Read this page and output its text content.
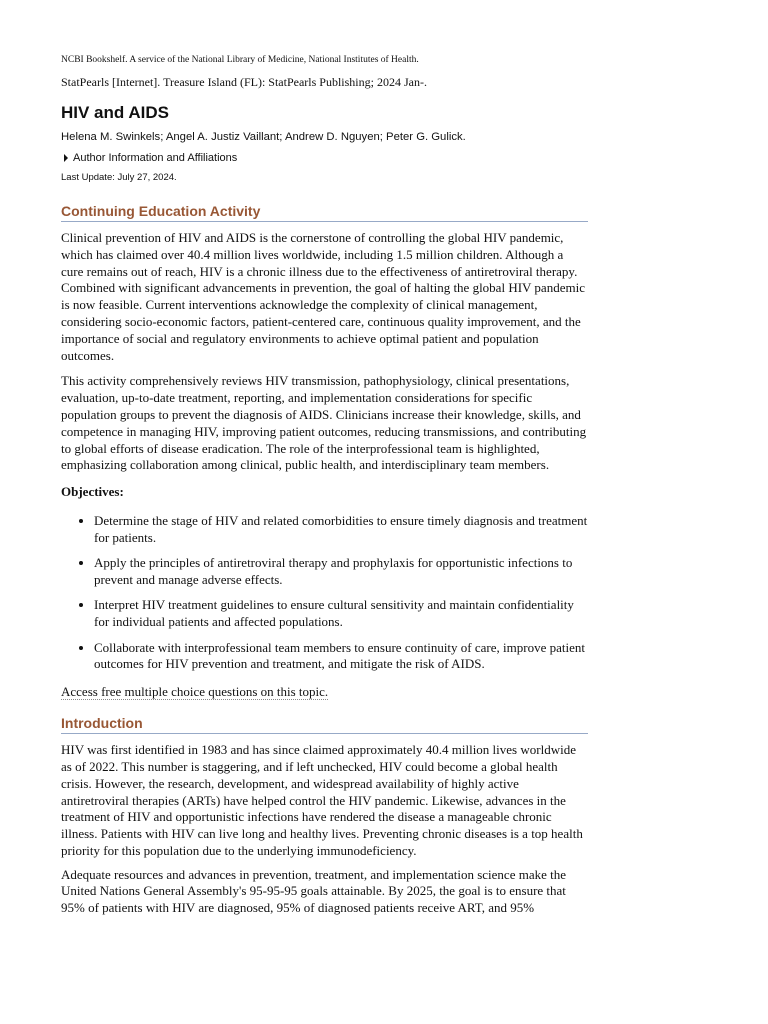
NCBI Bookshelf. A service of the National Library of Medicine, National Institutes of Health.
StatPearls [Internet]. Treasure Island (FL): StatPearls Publishing; 2024 Jan-.
HIV and AIDS
Helena M. Swinkels; Angel A. Justiz Vaillant; Andrew D. Nguyen; Peter G. Gulick.
Author Information and Affiliations
Last Update: July 27, 2024.
Continuing Education Activity

Clinical prevention of HIV and AIDS is the cornerstone of controlling the global HIV pandemic, which has claimed over 40.4 million lives worldwide, including 1.5 million children. Although a cure remains out of reach, HIV is a chronic illness due to the effectiveness of antiretroviral therapy. Combined with significant advancements in prevention, the goal of halting the global HIV pandemic is now feasible. Current interventions acknowledge the complexity of clinical management, considering socio-economic factors, patient-centered care, continuous quality improvement, and the importance of social and regulatory environments to achieve optimal patient and population outcomes.

This activity comprehensively reviews HIV transmission, pathophysiology, clinical presentations, evaluation, up-to-date treatment, reporting, and implementation considerations for specific population groups to prevent the diagnosis of AIDS. Clinicians increase their knowledge, skills, and competence in managing HIV, improving patient outcomes, reducing transmissions, and contributing to global efforts of disease eradication. The role of the interprofessional team is highlighted, emphasizing collaboration among clinical, public health, and interdisciplinary team members.

Objectives:
• Determine the stage of HIV and related comorbidities to ensure timely diagnosis and treatment for patients.
• Apply the principles of antiretroviral therapy and prophylaxis for opportunistic infections to prevent and manage adverse effects.
• Interpret HIV treatment guidelines to ensure cultural sensitivity and maintain confidentiality for individual patients and affected populations.
• Collaborate with interprofessional team members to ensure continuity of care, improve patient outcomes for HIV prevention and treatment, and mitigate the risk of AIDS.
Access free multiple choice questions on this topic.
Introduction

HIV was first identified in 1983 and has since claimed approximately 40.4 million lives worldwide as of 2022. This number is staggering, and if left unchecked, HIV could become a global health crisis. However, the research, development, and widespread availability of highly active antiretroviral therapies (ARTs) have helped control the HIV pandemic. Likewise, advances in the treatment of HIV and opportunistic infections have rendered the disease a manageable chronic illness. Patients with HIV can live long and healthy lives. Preventing chronic diseases is a top health priority for this population due to the underlying immunodeficiency.

Adequate resources and advances in prevention, treatment, and implementation science make the United Nations General Assembly's 95-95-95 goals attainable. By 2025, the goal is to ensure that 95% of patients with HIV are diagnosed, 95% of diagnosed patients receive ART, and 95%
